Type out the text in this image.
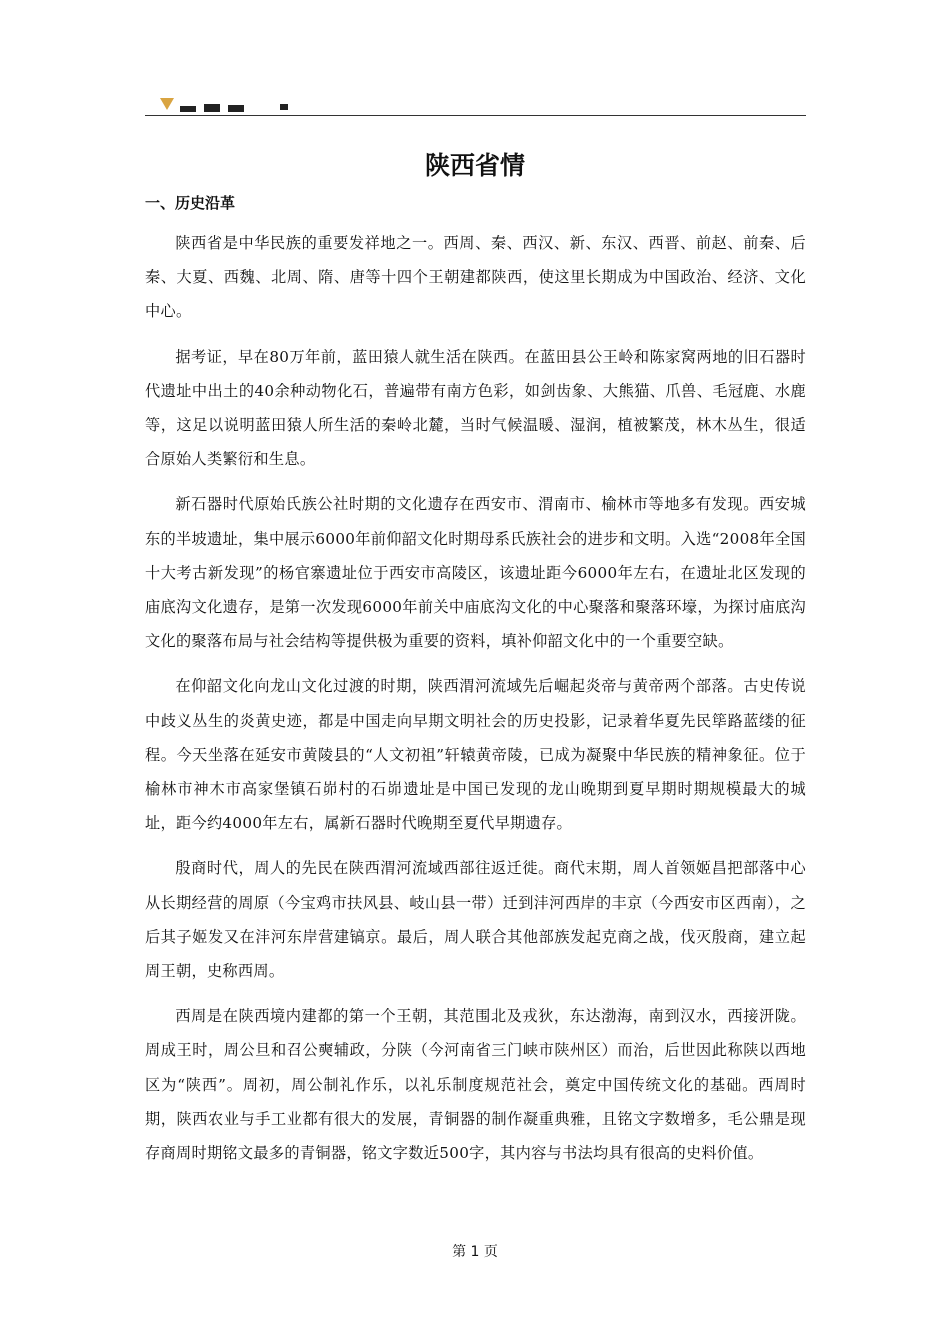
陕西省情
一、历史沿革

陕西省是中华民族的重要发祥地之一。西周、秦、西汉、新、东汉、西晋、前赵、前秦、后秦、大夏、西魏、北周、隋、唐等十四个王朝建都陕西，使这里长期成为中国政治、经济、文化中心。

据考证，早在80万年前，蓝田猿人就生活在陕西。在蓝田县公王岭和陈家窝两地的旧石器时代遗址中出土的40余种动物化石，普遍带有南方色彩，如剑齿象、大熊猫、爪兽、毛冠鹿、水鹿等，这足以说明蓝田猿人所生活的秦岭北麓，当时气候温暖、湿润，植被繁茂，林木丛生，很适合原始人类繁衍和生息。

新石器时代原始氏族公社时期的文化遗存在西安市、渭南市、榆林市等地多有发现。西安城东的半坡遗址，集中展示6000年前仰韶文化时期母系氏族社会的进步和文明。入选“2008年全国十大考古新发现”的杨官寨遗址位于西安市高陵区，该遗址距今6000年左右，在遗址北区发现的庙底沟文化遗存，是第一次发现6000年前关中庙底沟文化的中心聚落和聚落环壕，为探讨庙底沟文化的聚落布局与社会结构等提供极为重要的资料，填补仰韶文化中的一个重要空缺。

在仰韶文化向龙山文化过渡的时期，陕西渭河流域先后崛起炎帝与黄帝两个部落。古史传说中歧义丛生的炎黄史迹，都是中国走向早期文明社会的历史投影，记录着华夏先民筚路蓝缕的征程。今天坐落在延安市黄陵县的“人文初祖”轩辕黄帝陵，已成为凝聚中华民族的精神象征。位于榆林市神木市高家堡镇石峁村的石峁遗址是中国已发现的龙山晚期到夏早期时期规模最大的城址，距今约4000年左右，属新石器时代晚期至夏代早期遗存。

殷商时代，周人的先民在陕西渭河流域西部往返迁徙。商代末期，周人首领姬昌把部落中心从长期经营的周原（今宝鸡市扶风县、岐山县一带）迁到沣河西岸的丰京（今西安市区西南），之后其子姬发又在沣河东岸营建镐京。最后，周人联合其他部族发起克商之战，伐灭殷商，建立起周王朝，史称西周。

西周是在陕西境内建都的第一个王朝，其范围北及戎狄，东达渤海，南到汉水，西接汧陇。周成王时，周公旦和召公奭辅政，分陕（今河南省三门峡市陕州区）而治，后世因此称陕以西地区为“陕西”。周初，周公制礼作乐，以礼乐制度规范社会，奠定中国传统文化的基础。西周时期，陕西农业与手工业都有很大的发展，青铜器的制作凝重典雅，且铭文字数增多，毛公鼎是现存商周时期铭文最多的青铜器，铭文字数近500字，其内容与书法均具有很高的史料价值。

第 1 页
